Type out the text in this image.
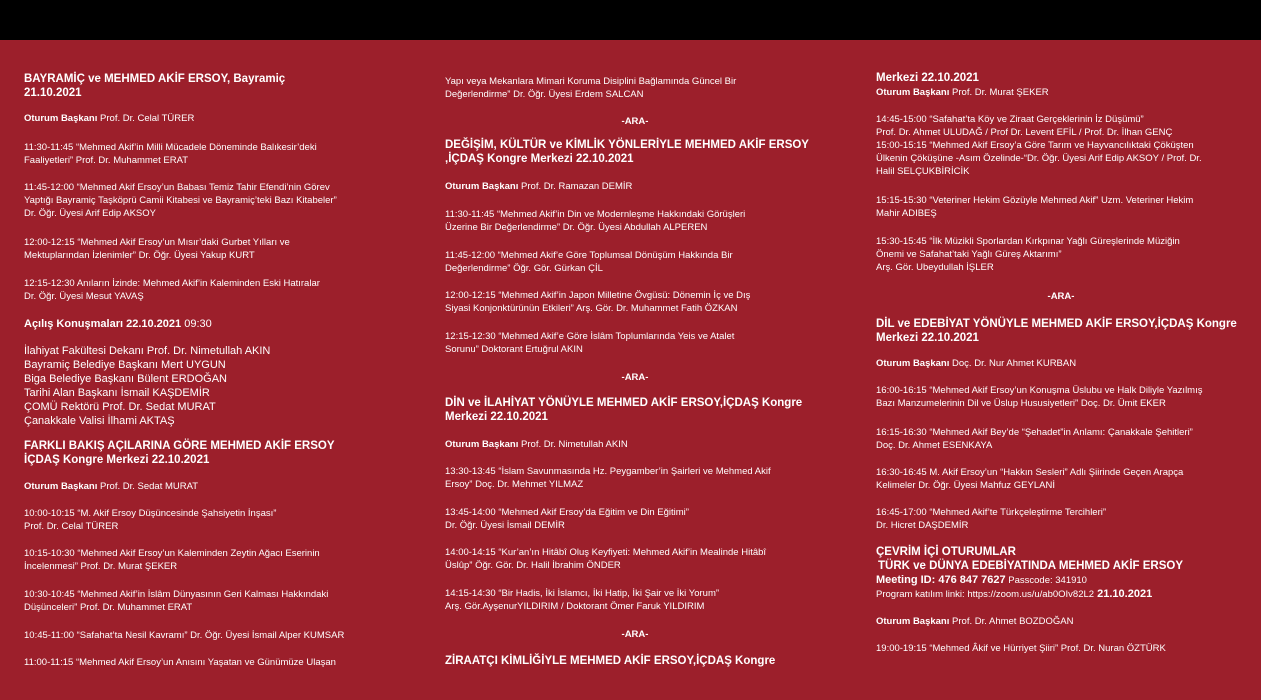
BAYRAMİÇ ve MEHMED AKİF ERSOY, Bayramiç

21.10.2021

Oturum Başkanı Prof. Dr. Celal TÜRER

11:30-11:45 “Mehmed Akif’in Milli Mücadele Döneminde Balıkesir’deki

Faaliyetleri” Prof. Dr. Muhammet ERAT

11:45-12:00 “Mehmed Akif Ersoy’un Babası Temiz Tahir Efendi’nin Görev

Yaptığı Bayramiç Taşköprü Camii Kitabesi ve Bayramiç’teki Bazı Kitabeler”

Dr. Öğr. Üyesi Arif Edip AKSOY

12:00-12:15 “Mehmed Akif Ersoy’un Mısır’daki Gurbet Yılları ve

Mektuplarından İzlenimler” Dr. Öğr. Üyesi Yakup KURT

12:15-12:30 Anıların İzinde: Mehmed Akif’in Kaleminden Eski Hatıralar

Dr. Öğr. Üyesi Mesut YAVAŞ

Açılış Konuşmaları 22.10.2021 09:30

İlahiyat Fakültesi Dekanı Prof. Dr. Nimetullah AKIN

Bayramiç Belediye Başkanı Mert UYGUN

Biga Belediye Başkanı Bülent ERDOĞAN

Tarihi Alan Başkanı İsmail KAŞDEMİR

ÇOMÜ Rektörü Prof. Dr. Sedat MURAT

Çanakkale Valisi İlhami AKTAŞ

FARKLI BAKIŞ AÇILARINA GÖRE MEHMED AKİF ERSOY

İÇDAŞ Kongre Merkezi 22.10.2021

Oturum Başkanı Prof. Dr. Sedat MURAT

10:00-10:15 “M. Akif Ersoy Düşüncesinde Şahsiyetin İnşası”

Prof. Dr. Celal TÜRER

10:15-10:30 “Mehmed Akif Ersoy’un Kaleminden Zeytin Ağacı Eserinin

İncelenmesi” Prof. Dr. Murat ŞEKER

10:30-10:45 “Mehmed Akif’in İslâm Dünyasının Geri Kalması Hakkındaki

Düşünceleri” Prof. Dr. Muhammet ERAT

10:45-11:00 “Safahat’ta Nesil Kavramı” Dr. Öğr. Üyesi İsmail Alper KUMSAR

11:00-11:15 “Mehmed Akif Ersoy’un Anısını Yaşatan ve Günümüze Ulaşan

Yapı veya Mekanlara Mimari Koruma Disiplini Bağlamında Güncel Bir

Değerlendirme” Dr. Öğr. Üyesi Erdem SALCAN

-ARA-

DEĞİŞİM, KÜLTÜR ve KİMLİK YÖNLERİYLE MEHMED AKİF ERSOY

,İÇDAŞ Kongre Merkezi 22.10.2021

Oturum Başkanı Prof. Dr. Ramazan DEMİR

11:30-11:45 “Mehmed Akif’in Din ve Modernleşme Hakkındaki Görüşleri

Üzerine Bir Değerlendirme” Dr. Öğr. Üyesi Abdullah ALPEREN

11:45-12:00 “Mehmed Akif’e Göre Toplumsal Dönüşüm Hakkında Bir

Değerlendirme” Öğr. Gör. Gürkan ÇİL

12:00-12:15 “Mehmed Akif’in Japon Milletine Övgüsü: Dönemin İç ve Dış

Siyasi Konjonktürünün Etkileri” Arş. Gör. Dr. Muhammet Fatih ÖZKAN

12:15-12:30 “Mehmed Akif’e Göre İslâm Toplumlarında Yeis ve Atalet

Sorunu” Doktorant Ertuğrul AKIN

-ARA-

DİN ve İLAHİYAT YÖNÜYLE MEHMED AKİF ERSOY,İÇDAŞ Kongre

Merkezi 22.10.2021

Oturum Başkanı Prof. Dr. Nimetullah AKIN

13:30-13:45 “İslam Savunmasında Hz. Peygamber’in Şairleri ve Mehmed Akif

Ersoy” Doç. Dr. Mehmet YILMAZ

13:45-14:00 “Mehmed Akif Ersoy’da Eğitim ve Din Eğitimi”

Dr. Öğr. Üyesi İsmail DEMİR

14:00-14:15 “Kur’an’ın Hitâbî Oluş Keyfiyeti: Mehmed Akif’in Mealinde Hitâbî

Üslûp” Öğr. Gör. Dr. Halil İbrahim ÖNDER

14:15-14:30 “Bir Hadis, İki İslamcı, İki Hatip, İki Şair ve İki Yorum”

Arş. Gör.AyşenurYILDIRIM / Doktorant Ömer Faruk YILDIRIM

-ARA-

ZİRAATÇI KİMLİĞİYLE MEHMED AKİF ERSOY,İÇDAŞ Kongre

Merkezi 22.10.2021

Oturum Başkanı Prof. Dr. Murat ŞEKER

14:45-15:00 “Safahat’ta Köy ve Ziraat Gerçeklerinin İz Düşümü”

Prof. Dr. Ahmet ULUDAĞ / Prof Dr. Levent EFİL / Prof. Dr. İlhan GENÇ

15:00-15:15 “Mehmed Akif Ersoy’a Göre Tarım ve Hayvancılıktaki Çöküşten

Ülkenin Çöküşüne -Asım Özelinde-“Dr. Öğr. Üyesi Arif Edip AKSOY / Prof. Dr.

Halil SELÇUKBİRİCİK

15:15-15:30 “Veteriner Hekim Gözüyle Mehmed Akif” Uzm. Veteriner Hekim

Mahir ADIBEŞ

15:30-15:45 “İlk Müzikli Sporlardan Kırkpınar Yağlı Güreşlerinde Müziğin

Önemi ve Safahat’taki Yağlı Güreş Aktarımı”

Arş. Gör. Ubeydullah İŞLER

-ARA-

DİL ve EDEBİYAT YÖNÜYLE MEHMED AKİF ERSOY,İÇDAŞ Kongre

Merkezi 22.10.2021

Oturum Başkanı Doç. Dr. Nur Ahmet KURBAN

16:00-16:15 “Mehmed Akif Ersoy’un Konuşma Üslubu ve Halk Diliyle Yazılmış

Bazı Manzumelerinin Dil ve Üslup Hususiyetleri” Doç. Dr. Ümit EKER

16:15-16:30 “Mehmed Akif Bey’de “Şehadet”in Anlamı: Çanakkale Şehitleri”

Doç. Dr. Ahmet ESENKAYA

16:30-16:45 M. Akif Ersoy’un “Hakkın Sesleri” Adlı Şiirinde Geçen Arapça

Kelimeler Dr. Öğr. Üyesi Mahfuz GEYLANİ

16:45-17:00 “Mehmed Akif’te Türkçeleştirme Tercihleri”

Dr. Hicret DAŞDEMİR

ÇEVRİM İÇİ OTURUMLAR

TÜRK ve DÜNYA EDEBİYATINDA MEHMED AKİF ERSOY

Meeting ID: 476 847 7627 Passcode: 341910

Program katılım linki: https://zoom.us/u/ab0OIv82L2 21.10.2021

Oturum Başkanı Prof. Dr. Ahmet BOZDOĞAN

19:00-19:15 “Mehmed Âkif ve Hürriyet Şiiri” Prof. Dr. Nuran ÖZTÜRK
